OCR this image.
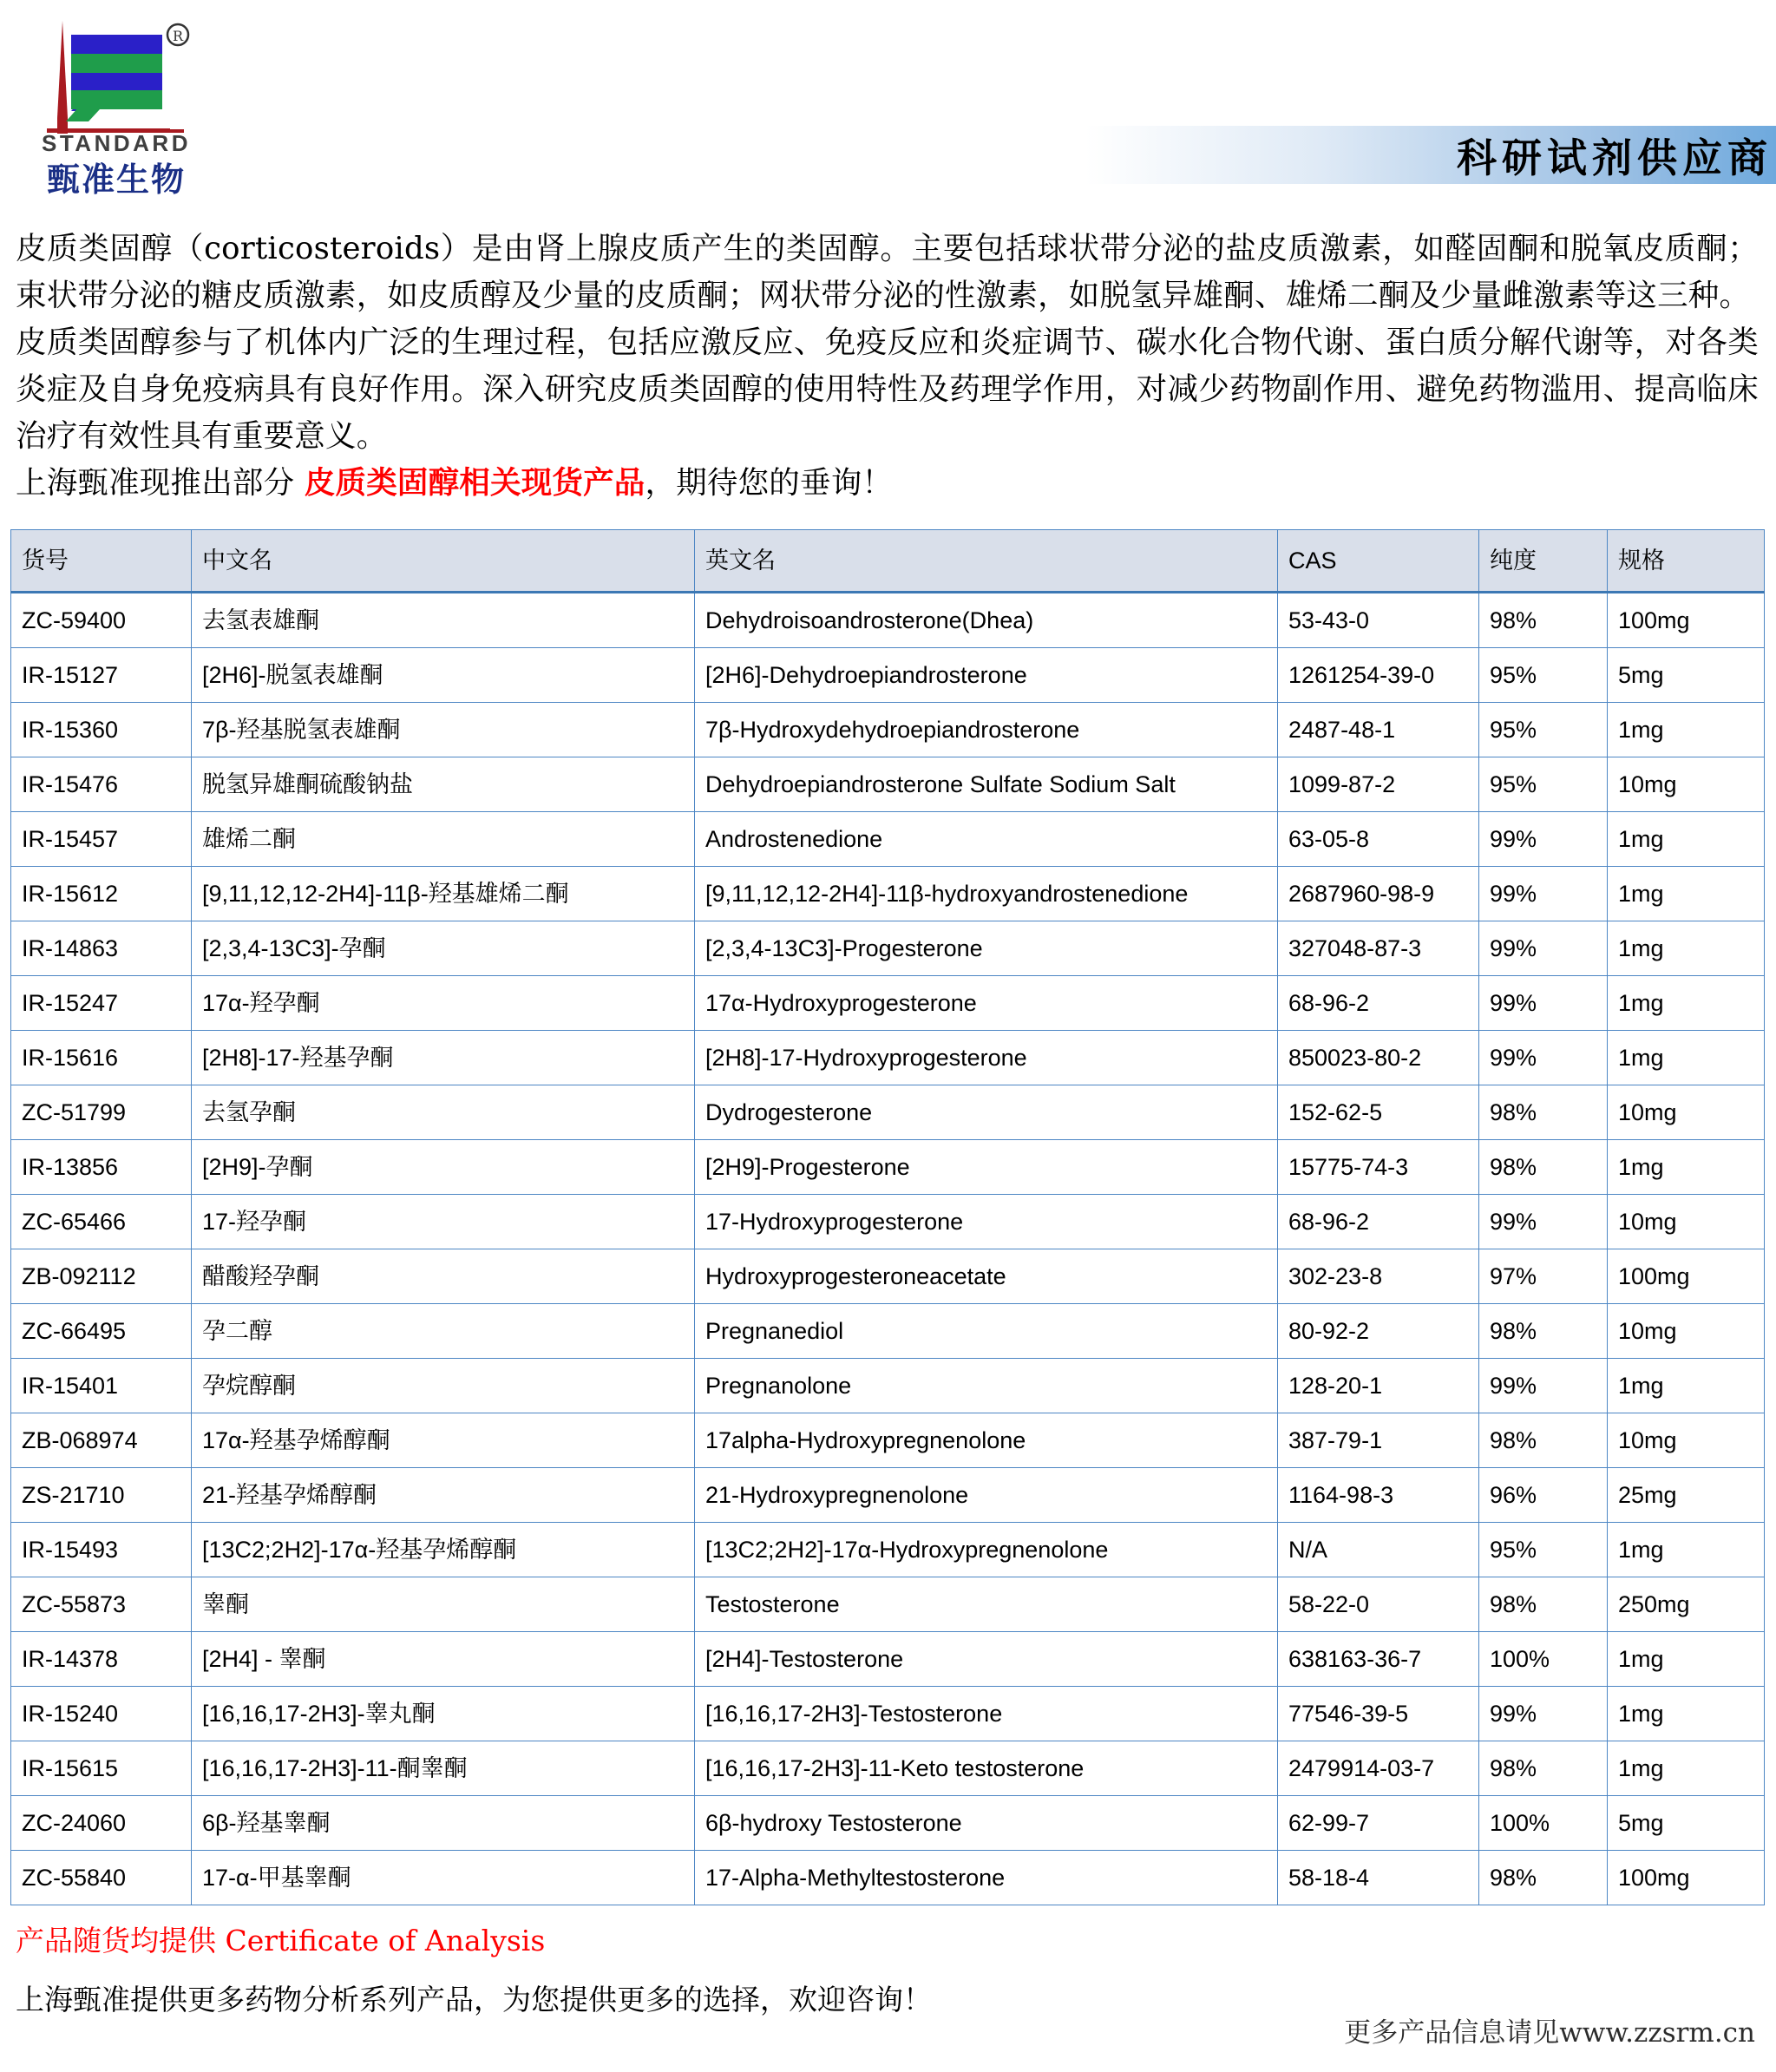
R
STANDARD
甄准生物	科研试剂供应商

皮质类固醇（corticosteroids）是由肾上腺皮质产生的类固醇。主要包括球状带分泌的盐皮质激素，如醛固酮和脱氧皮质酮；束状带分泌的糖皮质激素，如皮质醇及少量的皮质酮；网状带分泌的性激素，如脱氢异雄酮、雄烯二酮及少量雌激素等这三种。

皮质类固醇参与了机体内广泛的生理过程，包括应激反应、免疫反应和炎症调节、碳水化合物代谢、蛋白质分解代谢等，对各类炎症及自身免疫病具有良好作用。深入研究皮质类固醇的使用特性及药理学作用，对减少药物副作用、避免药物滥用、提高临床治疗有效性具有重要意义。

上海甄准现推出部分 皮质类固醇相关现货产品，期待您的垂询！

货号	中文名	英文名	CAS	纯度	规格
ZC-59400	去氢表雄酮	Dehydroisoandrosterone(Dhea)	53-43-0	98%	100mg
IR-15127	[2H6]-脱氢表雄酮	[2H6]-Dehydroepiandrosterone	1261254-39-0	95%	5mg
IR-15360	7β-羟基脱氢表雄酮	7β-Hydroxydehydroepiandrosterone	2487-48-1	95%	1mg
IR-15476	脱氢异雄酮硫酸钠盐	Dehydroepiandrosterone Sulfate Sodium Salt	1099-87-2	95%	10mg
IR-15457	雄烯二酮	Androstenedione	63-05-8	99%	1mg
IR-15612	[9,11,12,12-2H4]-11β-羟基雄烯二酮	[9,11,12,12-2H4]-11β-hydroxyandrostenedione	2687960-98-9	99%	1mg
IR-14863	[2,3,4-13C3]-孕酮	[2,3,4-13C3]-Progesterone	327048-87-3	99%	1mg
IR-15247	17α-羟孕酮	17α-Hydroxyprogesterone	68-96-2	99%	1mg
IR-15616	[2H8]-17-羟基孕酮	[2H8]-17-Hydroxyprogesterone	850023-80-2	99%	1mg
ZC-51799	去氢孕酮	Dydrogesterone	152-62-5	98%	10mg
IR-13856	[2H9]-孕酮	[2H9]-Progesterone	15775-74-3	98%	1mg
ZC-65466	17-羟孕酮	17-Hydroxyprogesterone	68-96-2	99%	10mg
ZB-092112	醋酸羟孕酮	Hydroxyprogesteroneacetate	302-23-8	97%	100mg
ZC-66495	孕二醇	Pregnanediol	80-92-2	98%	10mg
IR-15401	孕烷醇酮	Pregnanolone	128-20-1	99%	1mg
ZB-068974	17α-羟基孕烯醇酮	17alpha-Hydroxypregnenolone	387-79-1	98%	10mg
ZS-21710	21-羟基孕烯醇酮	21-Hydroxypregnenolone	1164-98-3	96%	25mg
IR-15493	[13C2;2H2]-17α-羟基孕烯醇酮	[13C2;2H2]-17α-Hydroxypregnenolone	N/A	95%	1mg
ZC-55873	睾酮	Testosterone	58-22-0	98%	250mg
IR-14378	[2H4] - 睾酮	[2H4]-Testosterone	638163-36-7	100%	1mg
IR-15240	[16,16,17-2H3]-睾丸酮	[16,16,17-2H3]-Testosterone	77546-39-5	99%	1mg
IR-15615	[16,16,17-2H3]-11-酮睾酮	[16,16,17-2H3]-11-Keto testosterone	2479914-03-7	98%	1mg
ZC-24060	6β-羟基睾酮	6β-hydroxy Testosterone	62-99-7	100%	5mg
ZC-55840	17-α-甲基睾酮	17-Alpha-Methyltestosterone	58-18-4	98%	100mg

产品随货均提供 Certificate of Analysis

上海甄准提供更多药物分析系列产品，为您提供更多的选择，欢迎咨询！

更多产品信息请见www.zzsrm.cn
